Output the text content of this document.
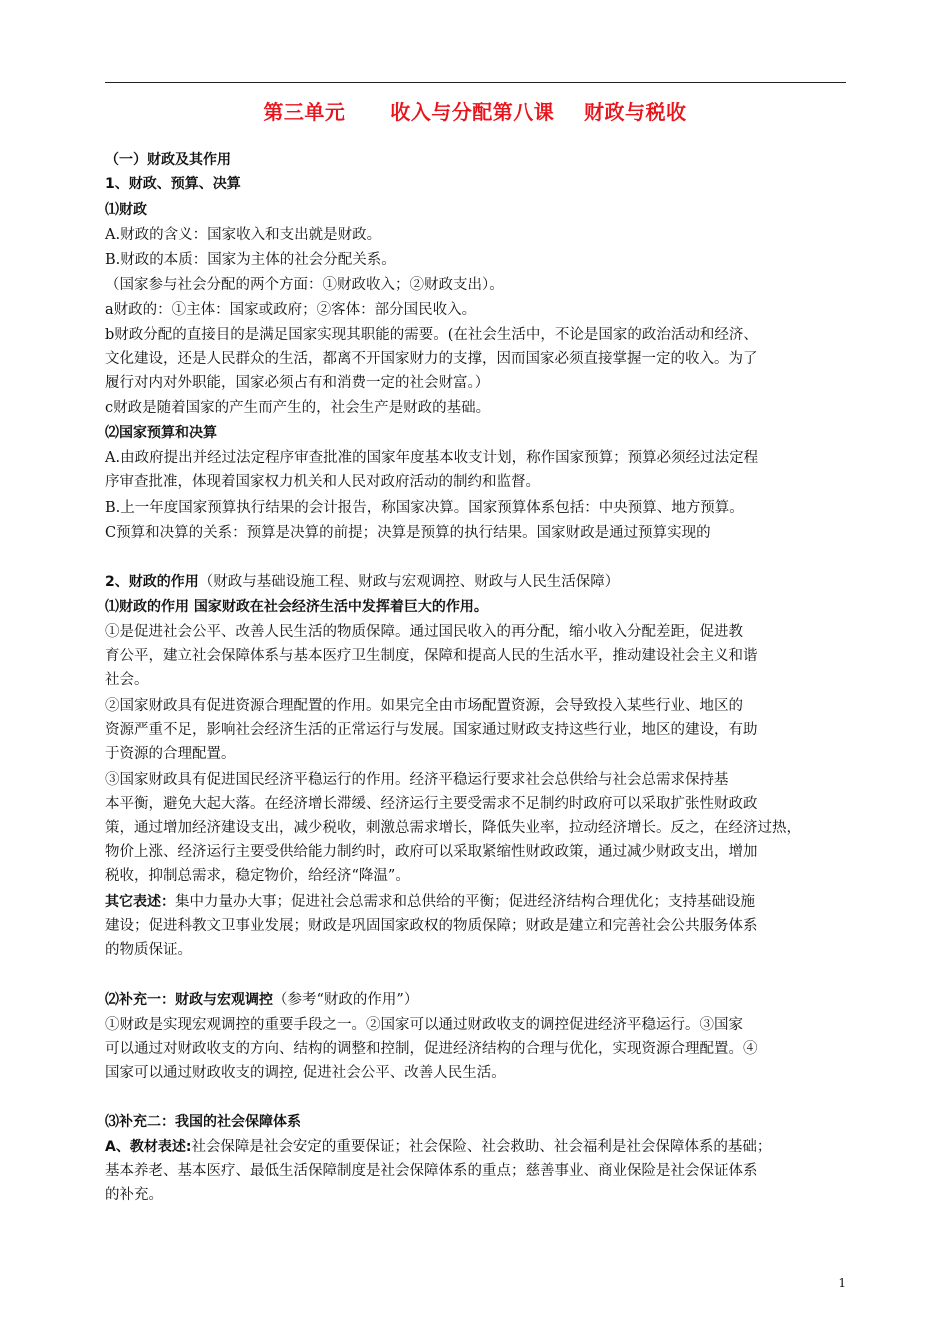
第三单元      收入与分配第八课    财政与税收
（一）财政及其作用
1、财政、预算、决算
⑴财政
A.财政的含义：国家收入和支出就是财政。
B.财政的本质：国家为主体的社会分配关系。
（国家参与社会分配的两个方面：①财政收入；②财政支出）。
a财政的：①主体：国家或政府；②客体：部分国民收入。
b财政分配的直接目的是满足国家实现其职能的需要。(在社会生活中，不论是国家的政治活动和经济、
文化建设，还是人民群众的生活，都离不开国家财力的支撑，因而国家必须直接掌握一定的收入。为了
履行对内对外职能，国家必须占有和消费一定的社会财富。）
c财政是随着国家的产生而产生的，社会生产是财政的基础。
⑵国家预算和决算
A.由政府提出并经过法定程序审查批准的国家年度基本收支计划，称作国家预算；预算必须经过法定程
序审查批准，体现着国家权力机关和人民对政府活动的制约和监督。
B.上一年度国家预算执行结果的会计报告，称国家决算。国家预算体系包括：中央预算、地方预算。
C预算和决算的关系：预算是决算的前提；决算是预算的执行结果。国家财政是通过预算实现的
2、财政的作用（财政与基础设施工程、财政与宏观调控、财政与人民生活保障）
⑴财政的作用 国家财政在社会经济生活中发挥着巨大的作用。
①是促进社会公平、改善人民生活的物质保障。通过国民收入的再分配，缩小收入分配差距，促进教
育公平，建立社会保障体系与基本医疗卫生制度，保障和提高人民的生活水平，推动建设社会主义和谐
社会。
②国家财政具有促进资源合理配置的作用。如果完全由市场配置资源，会导致投入某些行业、地区的
资源严重不足，影响社会经济生活的正常运行与发展。国家通过财政支持这些行业，地区的建设，有助
于资源的合理配置。
③国家财政具有促进国民经济平稳运行的作用。经济平稳运行要求社会总供给与社会总需求保持基
本平衡，避免大起大落。在经济增长滞缓、经济运行主要受需求不足制约时政府可以采取扩张性财政政
策，通过增加经济建设支出，减少税收，刺激总需求增长，降低失业率，拉动经济增长。反之，在经济过热，
物价上涨、经济运行主要受供给能力制约时，政府可以采取紧缩性财政政策，通过减少财政支出，增加
税收，抑制总需求，稳定物价，给经济“降温”。
其它表述：集中力量办大事；促进社会总需求和总供给的平衡；促进经济结构合理优化；支持基础设施
建设；促进科教文卫事业发展；财政是巩固国家政权的物质保障；财政是建立和完善社会公共服务体系
的物质保证。
⑵补充一：财政与宏观调控（参考“财政的作用”）
①财政是实现宏观调控的重要手段之一。②国家可以通过财政收支的调控促进经济平稳运行。③国家
可以通过对财政收支的方向、结构的调整和控制，促进经济结构的合理与优化，实现资源合理配置。④
国家可以通过财政收支的调控, 促进社会公平、改善人民生活。
⑶补充二：我国的社会保障体系
A、教材表述:社会保障是社会安定的重要保证；社会保险、社会救助、社会福利是社会保障体系的基础；
基本养老、基本医疗、最低生活保障制度是社会保障体系的重点；慈善事业、商业保险是社会保证体系
的补充。
1
